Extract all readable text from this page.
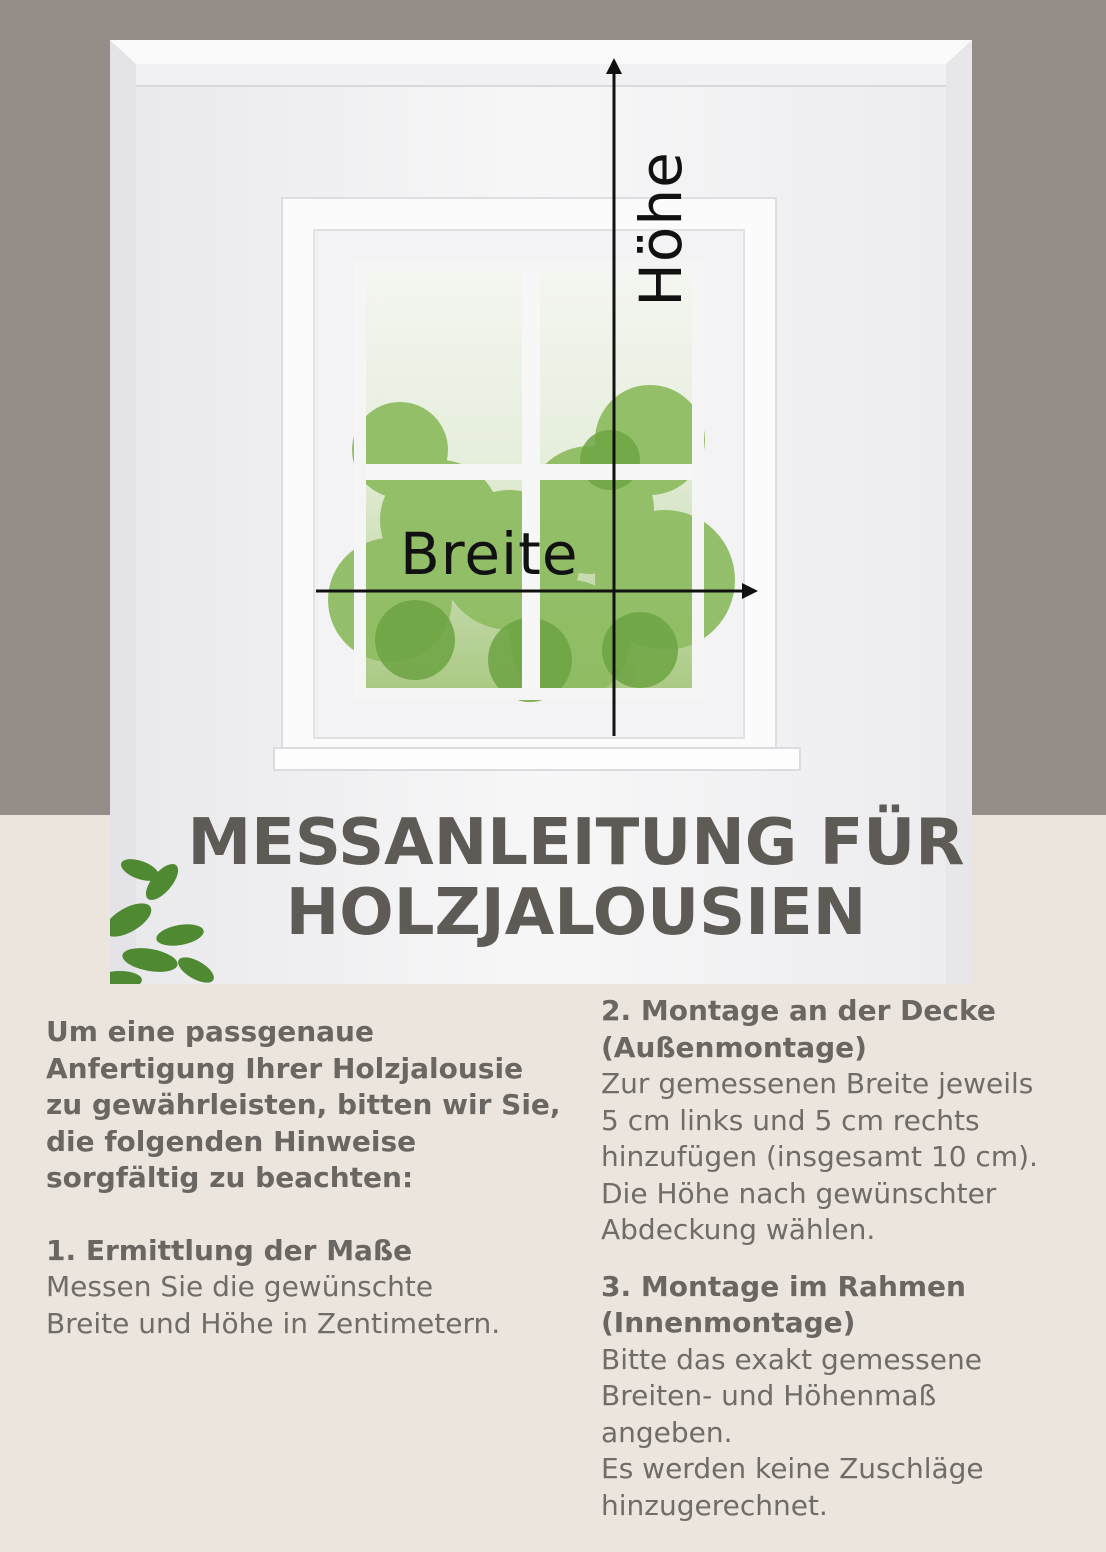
Höhe
Breite
MESSANLEITUNG FÜR
HOLZJALOUSIEN
Um eine passgenaue
Anfertigung Ihrer Holzjalousie
zu gewährleisten, bitten wir Sie,
die folgenden Hinweise
sorgfältig zu beachten:
1. Ermittlung der Maße
Messen Sie die gewünschte
Breite und Höhe in Zentimetern.
2. Montage an der Decke
(Außenmontage)
Zur gemessenen Breite jeweils
5 cm links und 5 cm rechts
hinzufügen (insgesamt 10 cm).
Die Höhe nach gewünschter
Abdeckung wählen.
3. Montage im Rahmen
(Innenmontage)
Bitte das exakt gemessene
Breiten- und Höhenmaß
angeben.
Es werden keine Zuschläge
hinzugerechnet.
